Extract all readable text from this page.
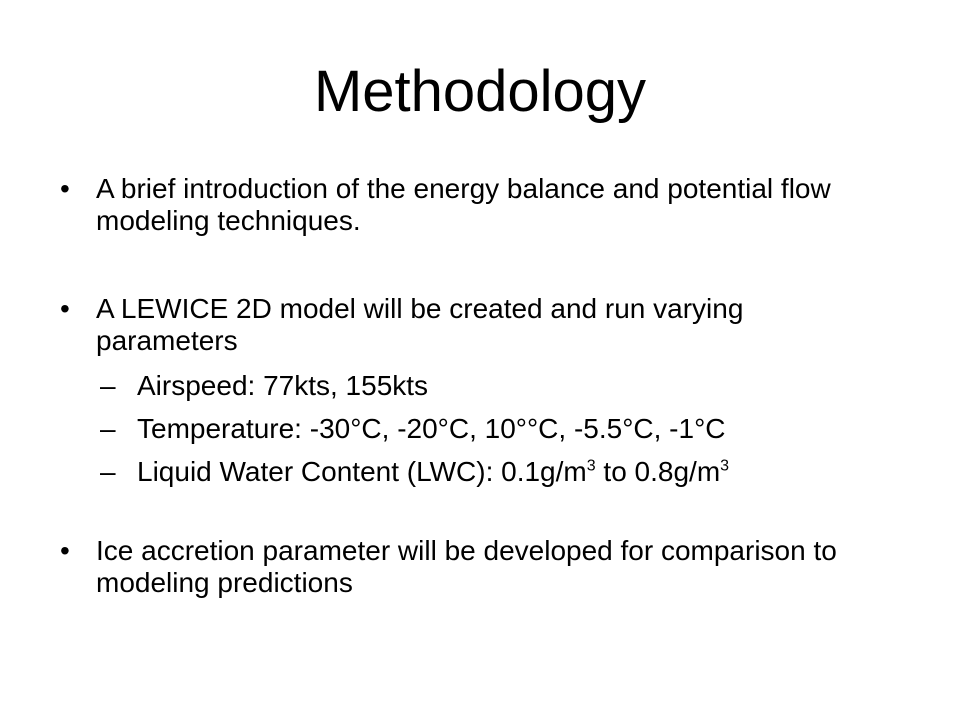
Methodology
• A brief introduction of the energy balance and potential flow modeling techniques.
• A LEWICE 2D model will be created and run varying parameters
– Airspeed: 77kts, 155kts
– Temperature: -30°C, -20°C, 10°°C, -5.5°C, -1°C
– Liquid Water Content (LWC): $0.1g/m^3$ to $0.8g/m^3$
• Ice accretion parameter will be developed for comparison to modeling predictions
